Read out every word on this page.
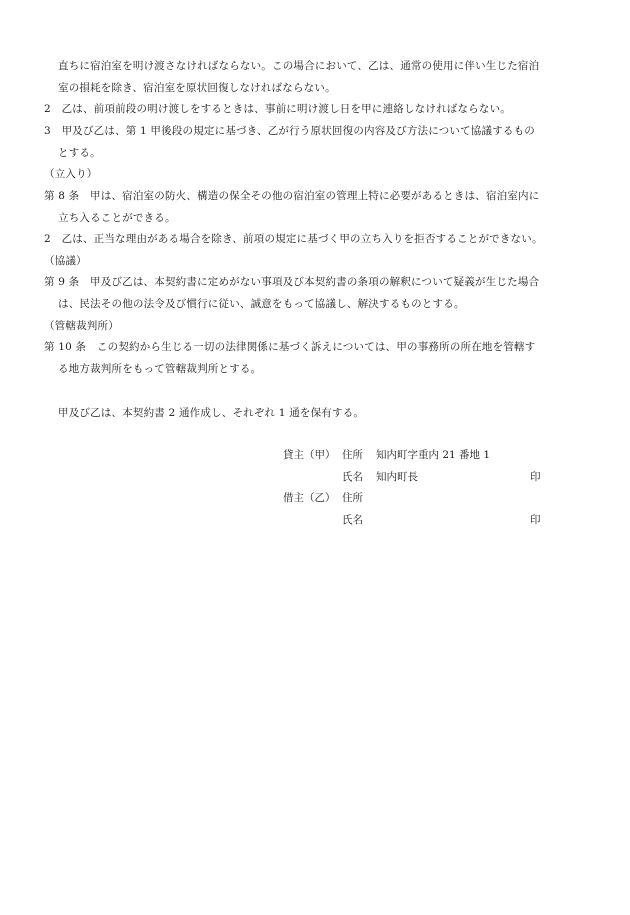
直ちに宿泊室を明け渡さなければならない。この場合において、乙は、通常の使用に伴い生じた宿泊
室の損耗を除き、宿泊室を原状回復しなければならない。
2　乙は、前項前段の明け渡しをするときは、事前に明け渡し日を甲に連絡しなければならない。
3　甲及び乙は、第 1 甲後段の規定に基づき、乙が行う原状回復の内容及び方法について協議するもの
とする。
（立入り）
第 8 条　甲は、宿泊室の防火、構造の保全その他の宿泊室の管理上特に必要があるときは、宿泊室内に
立ち入ることができる。
2　乙は、正当な理由がある場合を除き、前項の規定に基づく甲の立ち入りを拒否することができない。
（協議）
第 9 条　甲及び乙は、本契約書に定めがない事項及び本契約書の条項の解釈について疑義が生じた場合
は、民法その他の法令及び慣行に従い、誠意をもって協議し、解決するものとする。
（管轄裁判所）
第 10 条　この契約から生じる一切の法律関係に基づく訴えについては、甲の事務所の所在地を管轄す
る地方裁判所をもって管轄裁判所とする。
甲及び乙は、本契約書 2 通作成し、それぞれ 1 通を保有する。
貸主（甲） 住所 知内町字重内 21 番地 1
氏名 知内町長	印
借主（乙） 住所
氏名	印
